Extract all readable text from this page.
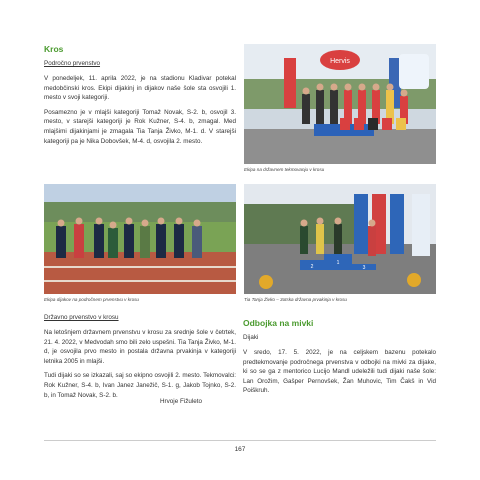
Kros
Področno prvenstvo

V ponedeljek, 11. aprila 2022, je na stadionu Kladivar potekal medobčinski kros. Ekipi dijakinj in dijakov naše šole sta osvojili 1. mesto v svoji kategoriji.

Posamezno je v mlajši kategoriji Tomaž Novak, S-2. b, osvojil 3. mesto, v starejši kategoriji je Rok Kužner, S-4. b, zmagal. Med mlajšimi dijakinjami je zmagala Tia Tanja Živko, M-1. d. V starejši kategoriji pa je Nika Dobovšek, M-4. d, osvojila 2. mesto.

Hervis
Ekipa na državnem tekmovanju v krosu
Ekipa dijakov na področnem prvenstvu v krosu
2
1
3
Tia Tanja Živko – 3otska državna prvakinja v krosu
Državno prvenstvo v krosu

Na letošnjem državnem prvenstvu v krosu za srednje šole v četrtek, 21. 4. 2022, v Medvodah smo bili zelo uspešni. Tia Tanja Živko, M-1. d, je osvojila prvo mesto in postala državna prvakinja v kategoriji letnika 2005 in mlajši.

Tudi dijaki so se izkazali, saj so ekipno osvojili 2. mesto. Tekmovalci: Rok Kužner, S-4. b, Ivan Janez Janežič, S-1. g, Jakob Tojnko, S-2. b, in Tomaž Novak, S-2. b.

Odbojka na mivki
Dijaki

V sredo, 17. 5. 2022, je na celjskem bazenu potekalo predtekmovanje področnega prvenstva v odbojki na mivki za dijake, ki so se ga z mentorico Lucijo Mandl udeležili tudi dijaki naše šole: Lan Orožim, Gašper Pernovšek, Žan Muhovic, Tim Čakš in Vid Poiškruh.

Hrvoje Fižuleto
167
